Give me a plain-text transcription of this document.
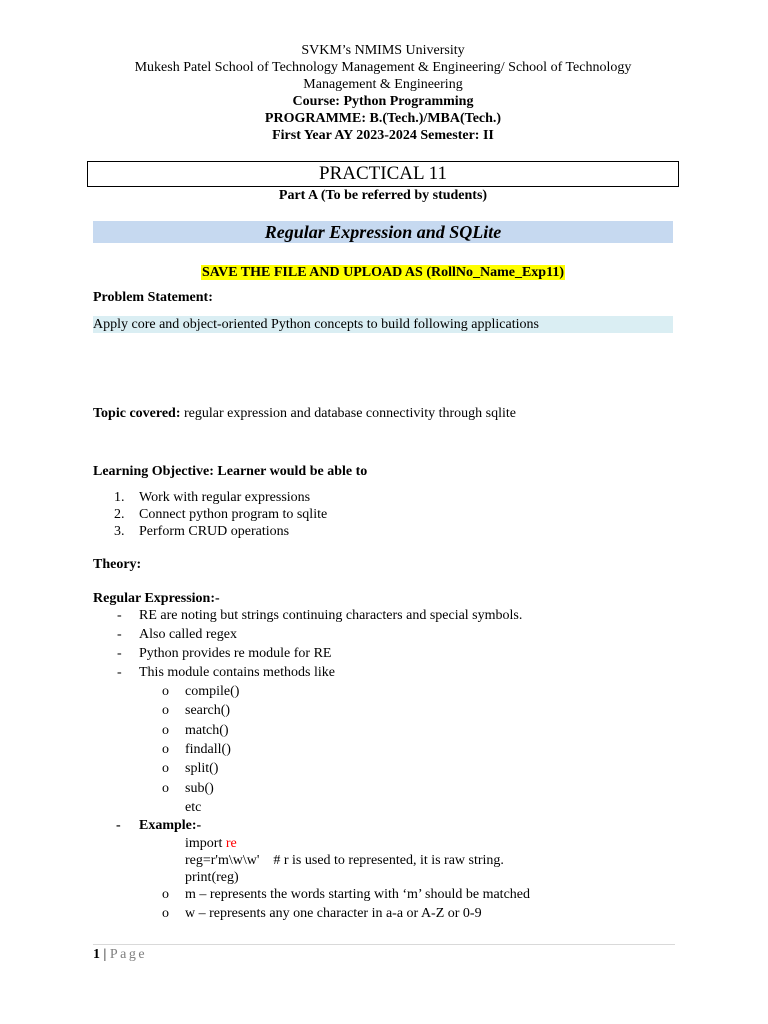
SVKM’s NMIMS University
Mukesh Patel School of Technology Management & Engineering/ School of Technology
Management & Engineering
Course: Python Programming
PROGRAMME: B.(Tech.)/MBA(Tech.)
First Year AY 2023-2024 Semester: II
PRACTICAL 11
Part A (To be referred by students)
Regular Expression and SQLite
SAVE THE FILE AND UPLOAD AS (RollNo_Name_Exp11)
Problem Statement:
Apply core and object-oriented Python concepts to build following applications
Topic covered: regular expression and database connectivity through sqlite
Learning Objective: Learner would be able to
1. Work with regular expressions
2. Connect python program to sqlite
3. Perform CRUD operations
Theory:
Regular Expression:-
- RE are noting but strings continuing characters and special symbols.
- Also called regex
- Python provides re module for RE
- This module contains methods like
o compile()
o search()
o match()
o findall()
o split()
o sub()
etc
- Example:-
import re
reg=r'm\w\w'    # r is used to represented, it is raw string.
print(reg)
o m – represents the words starting with ‘m’ should be matched
o w – represents any one character in a-a or A-Z or 0-9
1 | Page
